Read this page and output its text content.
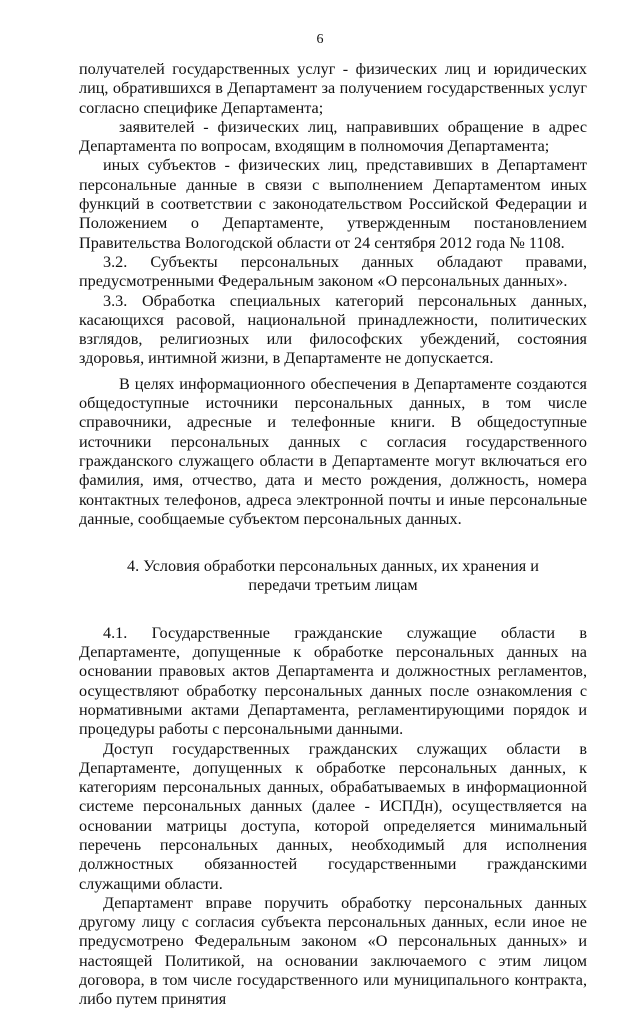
6

получателей государственных услуг - физических лиц и юридических лиц, обратившихся в Департамент за получением государственных услуг согласно специфике Департамента;

заявителей - физических лиц, направивших обращение в адрес Департамента по вопросам, входящим в полномочия Департамента;

иных субъектов - физических лиц, представивших в Департамент персональные данные в связи с выполнением Департаментом иных функций в соответствии с законодательством Российской Федерации и Положением о Департаменте, утвержденным постановлением Правительства Вологодской области от 24 сентября 2012 года № 1108.

3.2. Субъекты персональных данных обладают правами, предусмотренными Федеральным законом «О персональных данных».

3.3. Обработка специальных категорий персональных данных, касающихся расовой, национальной принадлежности, политических взглядов, религиозных или философских убеждений, состояния здоровья, интимной жизни, в Департаменте не допускается.

В целях информационного обеспечения в Департаменте создаются общедоступные источники персональных данных, в том числе справочники, адресные и телефонные книги. В общедоступные источники персональных данных с согласия государственного гражданского служащего области в Департаменте могут включаться его фамилия, имя, отчество, дата и место рождения, должность, номера контактных телефонов, адреса электронной почты и иные персональные данные, сообщаемые субъектом персональных данных.

4. Условия обработки персональных данных, их хранения и передачи третьим лицам

4.1. Государственные гражданские служащие области в Департаменте, допущенные к обработке персональных данных на основании правовых актов Департамента и должностных регламентов, осуществляют обработку персональных данных после ознакомления с нормативными актами Департамента, регламентирующими порядок и процедуры работы с персональными данными.

Доступ государственных гражданских служащих области в Департаменте, допущенных к обработке персональных данных, к категориям персональных данных, обрабатываемых в информационной системе персональных данных (далее - ИСПДн), осуществляется на основании матрицы доступа, которой определяется минимальный перечень персональных данных, необходимый для исполнения должностных обязанностей государственными гражданскими служащими области.

Департамент вправе поручить обработку персональных данных другому лицу с согласия субъекта персональных данных, если иное не предусмотрено Федеральным законом «О персональных данных» и настоящей Политикой, на основании заключаемого с этим лицом договора, в том числе государственного или муниципального контракта, либо путем принятия
